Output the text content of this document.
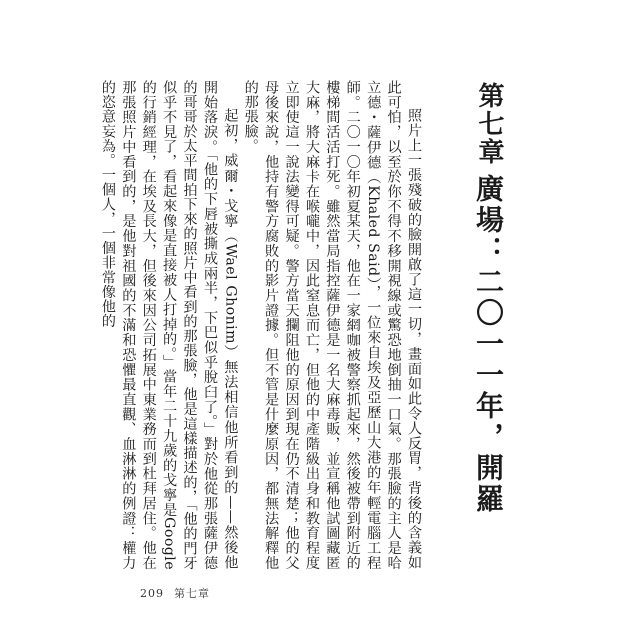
第七章
廣場：二〇一一年，開羅

照片上一張殘破的臉開啟了這一切，畫面如此令人反胃，背後的含義如此可怕，以至於你不得不移開視線或驚恐地倒抽一口氣。那張臉的主人是哈立德・薩伊德（Khaled Said），一位來自埃及亞歷山大港的年輕電腦工程師。二〇一〇年初夏某天，他在一家網咖被警察抓起來，然後被帶到附近的樓梯間活活打死。雖然當局指控薩伊德是一名大麻毒販，並宣稱他試圖藏匿大麻，將大麻卡在喉嚨中，因此窒息而亡，但他的中產階級出身和教育程度立即使這一說法變得可疑。警方當天攔阻他的原因到現在仍不清楚；他的父母後來說，他持有警方腐敗的影片證據。但不管是什麼原因，都無法解釋他的那張臉。

起初，威爾・戈寧（Wael Ghonim）無法相信他所看到的——然後他開始落淚。「他的下唇被撕成兩半，下巴似乎脫臼了。」對於他從那張薩伊德的哥哥於太平間拍下來的照片中看到的那張臉，他是這樣描述的，「他的門牙似乎不見了，看起來像是直接被人打掉的。」當年二十九歲的戈寧是Google的行銷經理，在埃及長大，但後來因公司拓展中東業務而到杜拜居住。他在那張照片中看到的，是他對祖國的不滿和恐懼最直觀、血淋淋的例證：權力的恣意妄為。一個人，一個非常像他的

209 第七章
